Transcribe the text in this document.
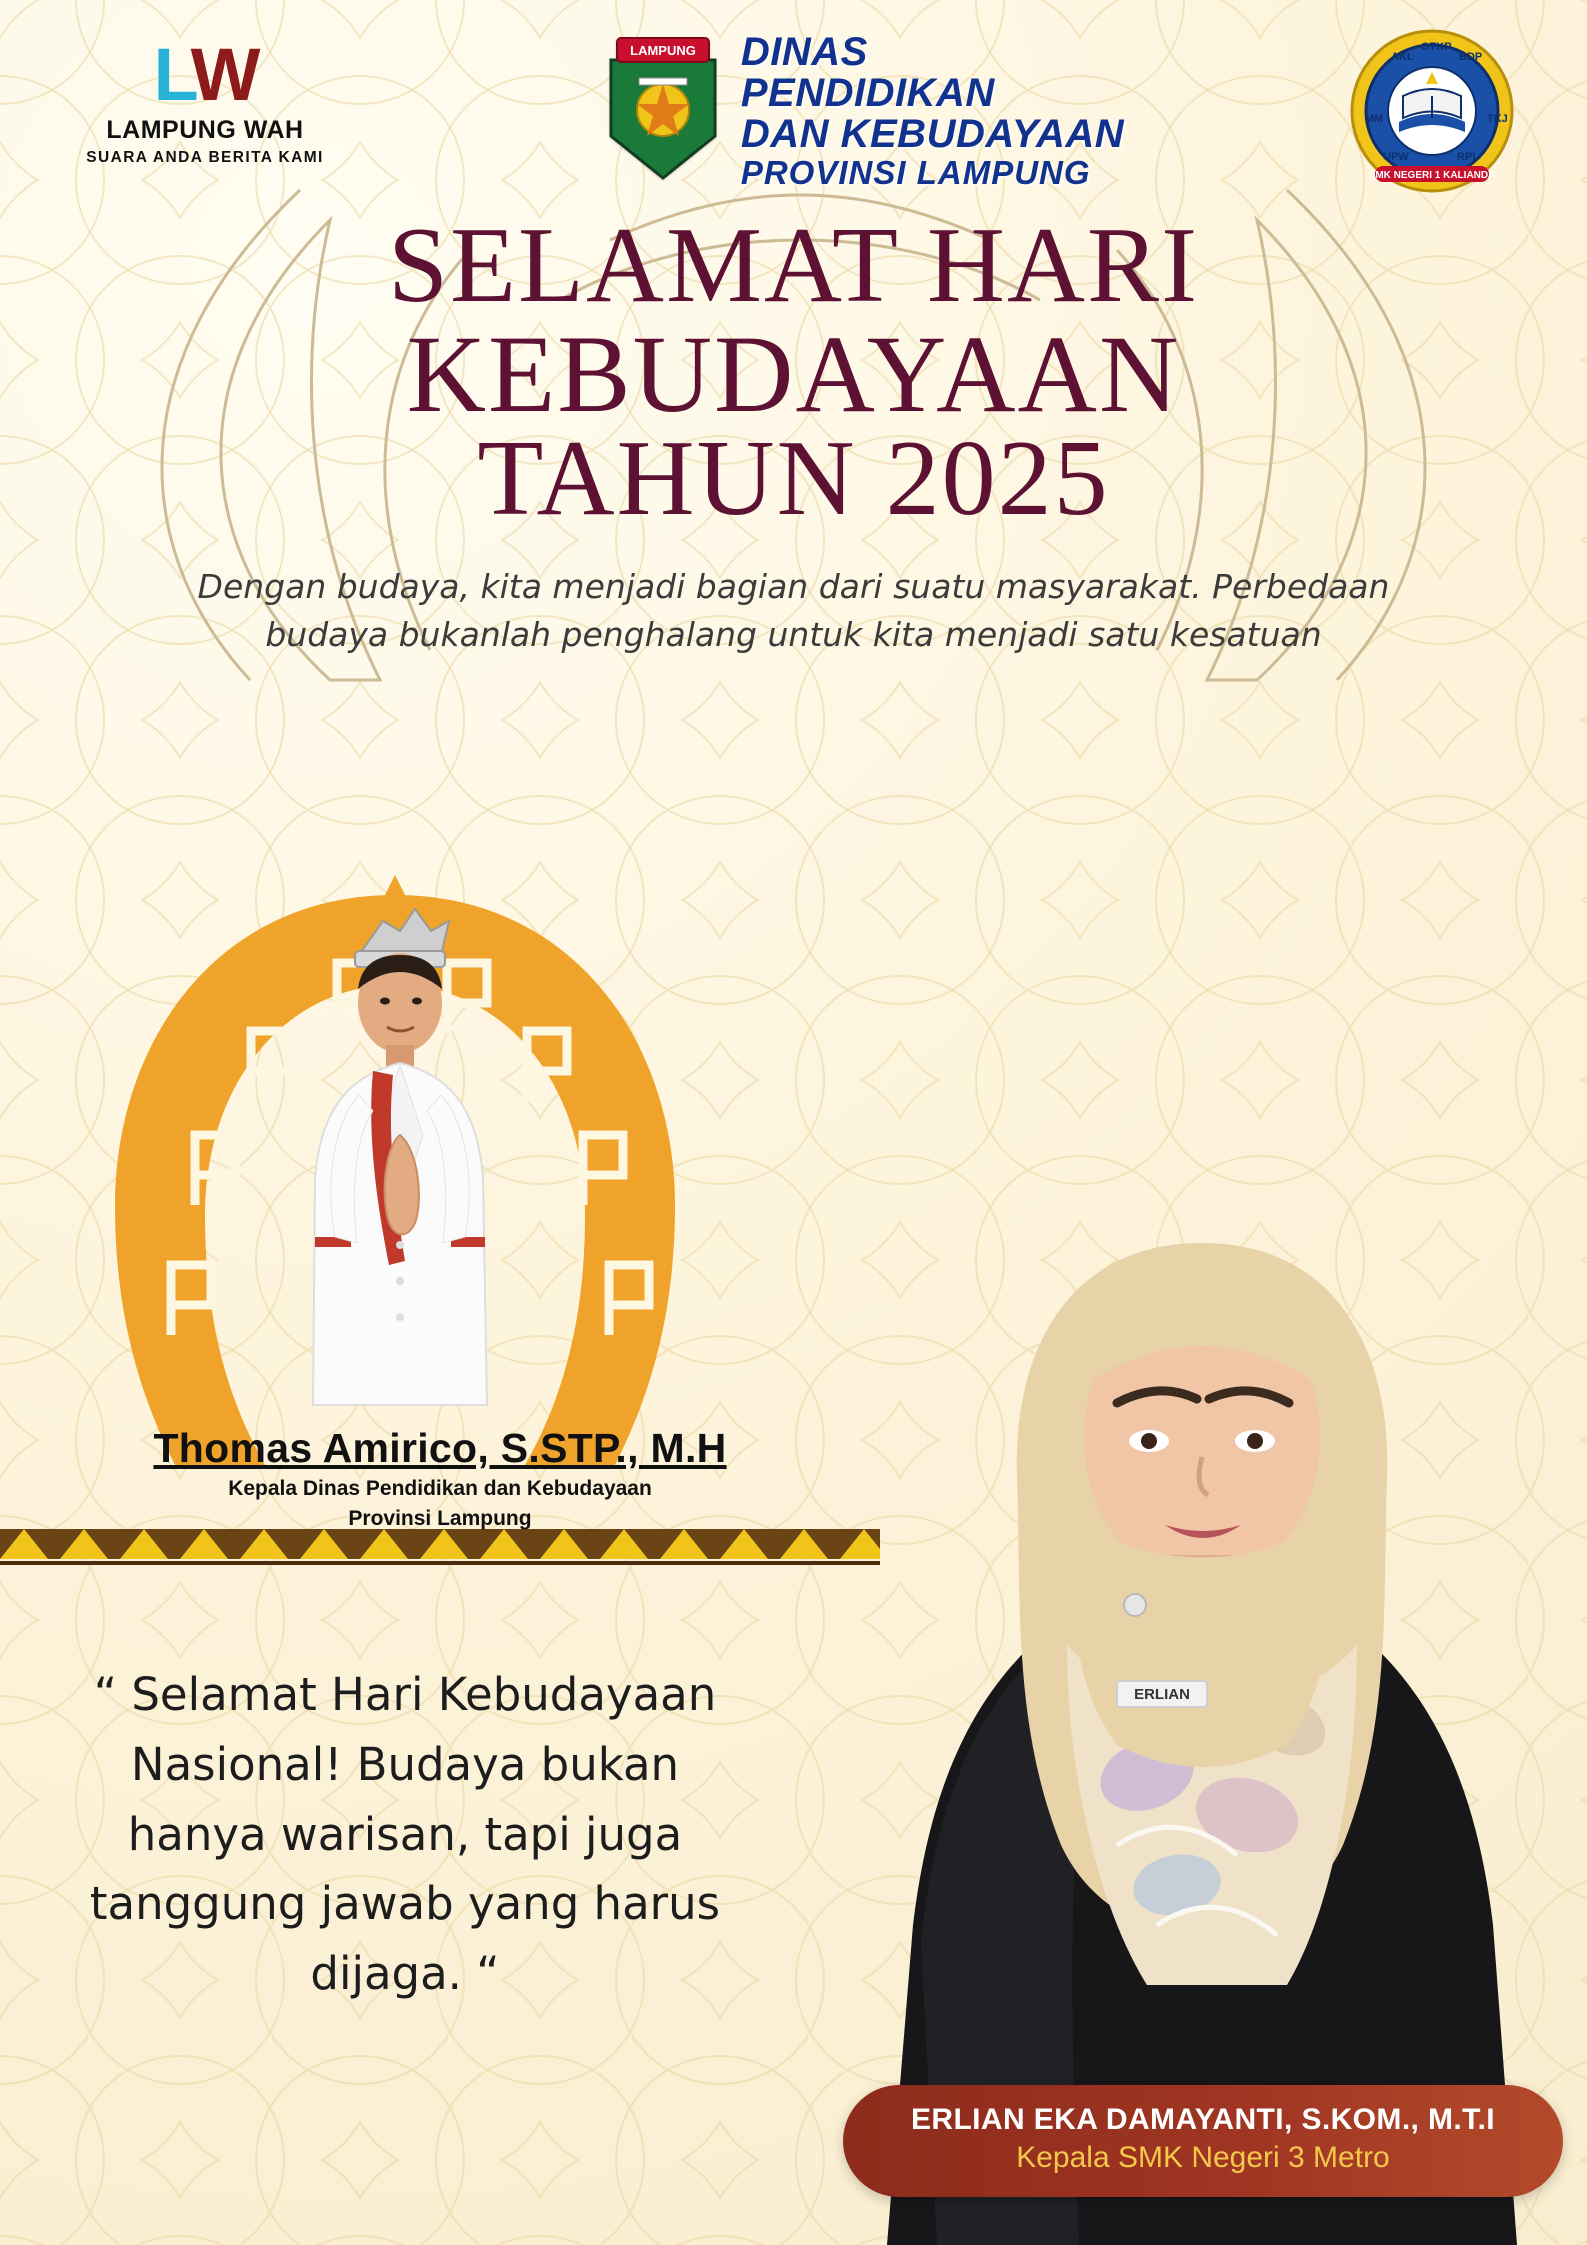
LW
LAMPUNG WAH
SUARA ANDA BERITA KAMI
LAMPUNG DINAS
PENDIDIKAN
DAN KEBUDAYAAN
PROVINSI LAMPUNG
AKL
OTKP
BDP
MM	TKJ
UPW	RPL
SMK NEGERI 1 KALIANDA
SELAMAT HARI
KEBUDAYAAN
TAHUN 2025
Dengan budaya, kita menjadi bagian dari suatu masyarakat. Perbedaan budaya bukanlah penghalang untuk kita menjadi satu kesatuan
Thomas Amirico, S.STP., M.H
Kepala Dinas Pendidikan dan Kebudayaan
Provinsi Lampung
“ Selamat Hari Kebudayaan Nasional! Budaya bukan hanya warisan, tapi juga tanggung jawab yang harus dijaga. “
ERLIAN
ERLIAN EKA DAMAYANTI, S.KOM., M.T.I
Kepala SMK Negeri 3 Metro
